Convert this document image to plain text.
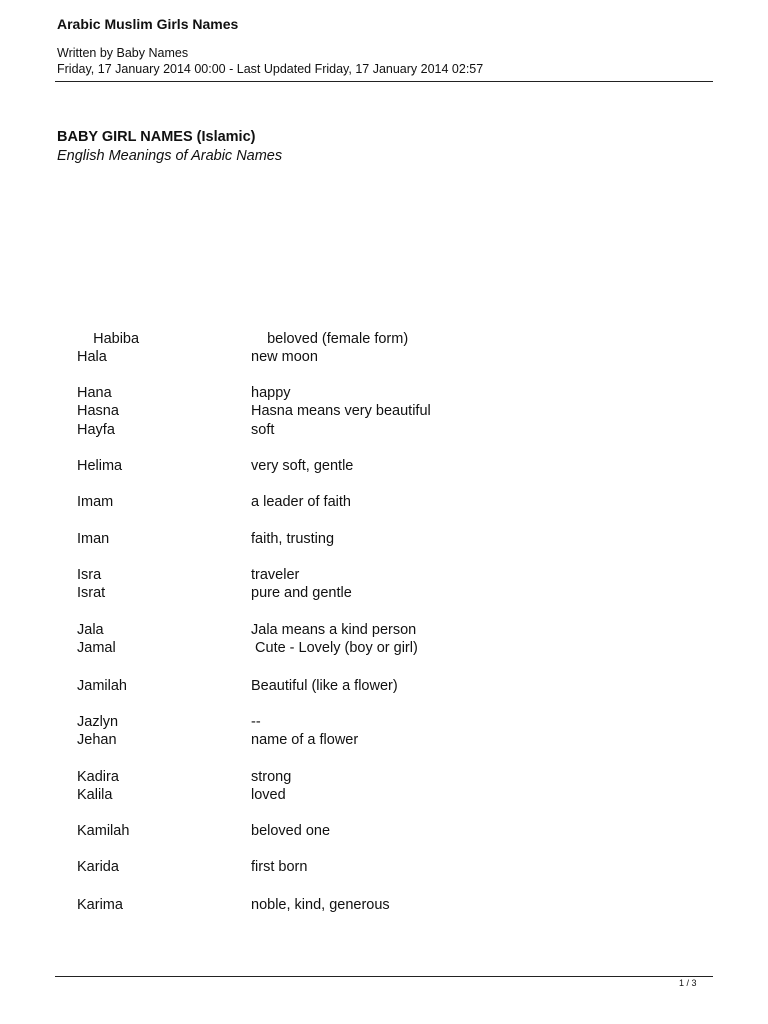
Arabic Muslim Girls Names
Written by Baby Names
Friday, 17 January 2014 00:00 - Last Updated Friday, 17 January 2014 02:57
BABY GIRL NAMES (Islamic)
English Meanings of Arabic Names
Habiba	beloved (female form)
Hala	new moon
Hana	happy
Hasna	Hasna means very beautiful
Hayfa	soft
Helima	very soft, gentle
Imam	a leader of faith
Iman	faith, trusting
Isra	traveler
Israt	pure and gentle
Jala	Jala means a kind person
Jamal	Cute - Lovely (boy or girl)
Jamilah	Beautiful (like a flower)
Jazlyn	--
Jehan	name of a flower
Kadira	strong
Kalila	loved
Kamilah	beloved one
Karida	first born
Karima	noble, kind, generous
1 / 3
